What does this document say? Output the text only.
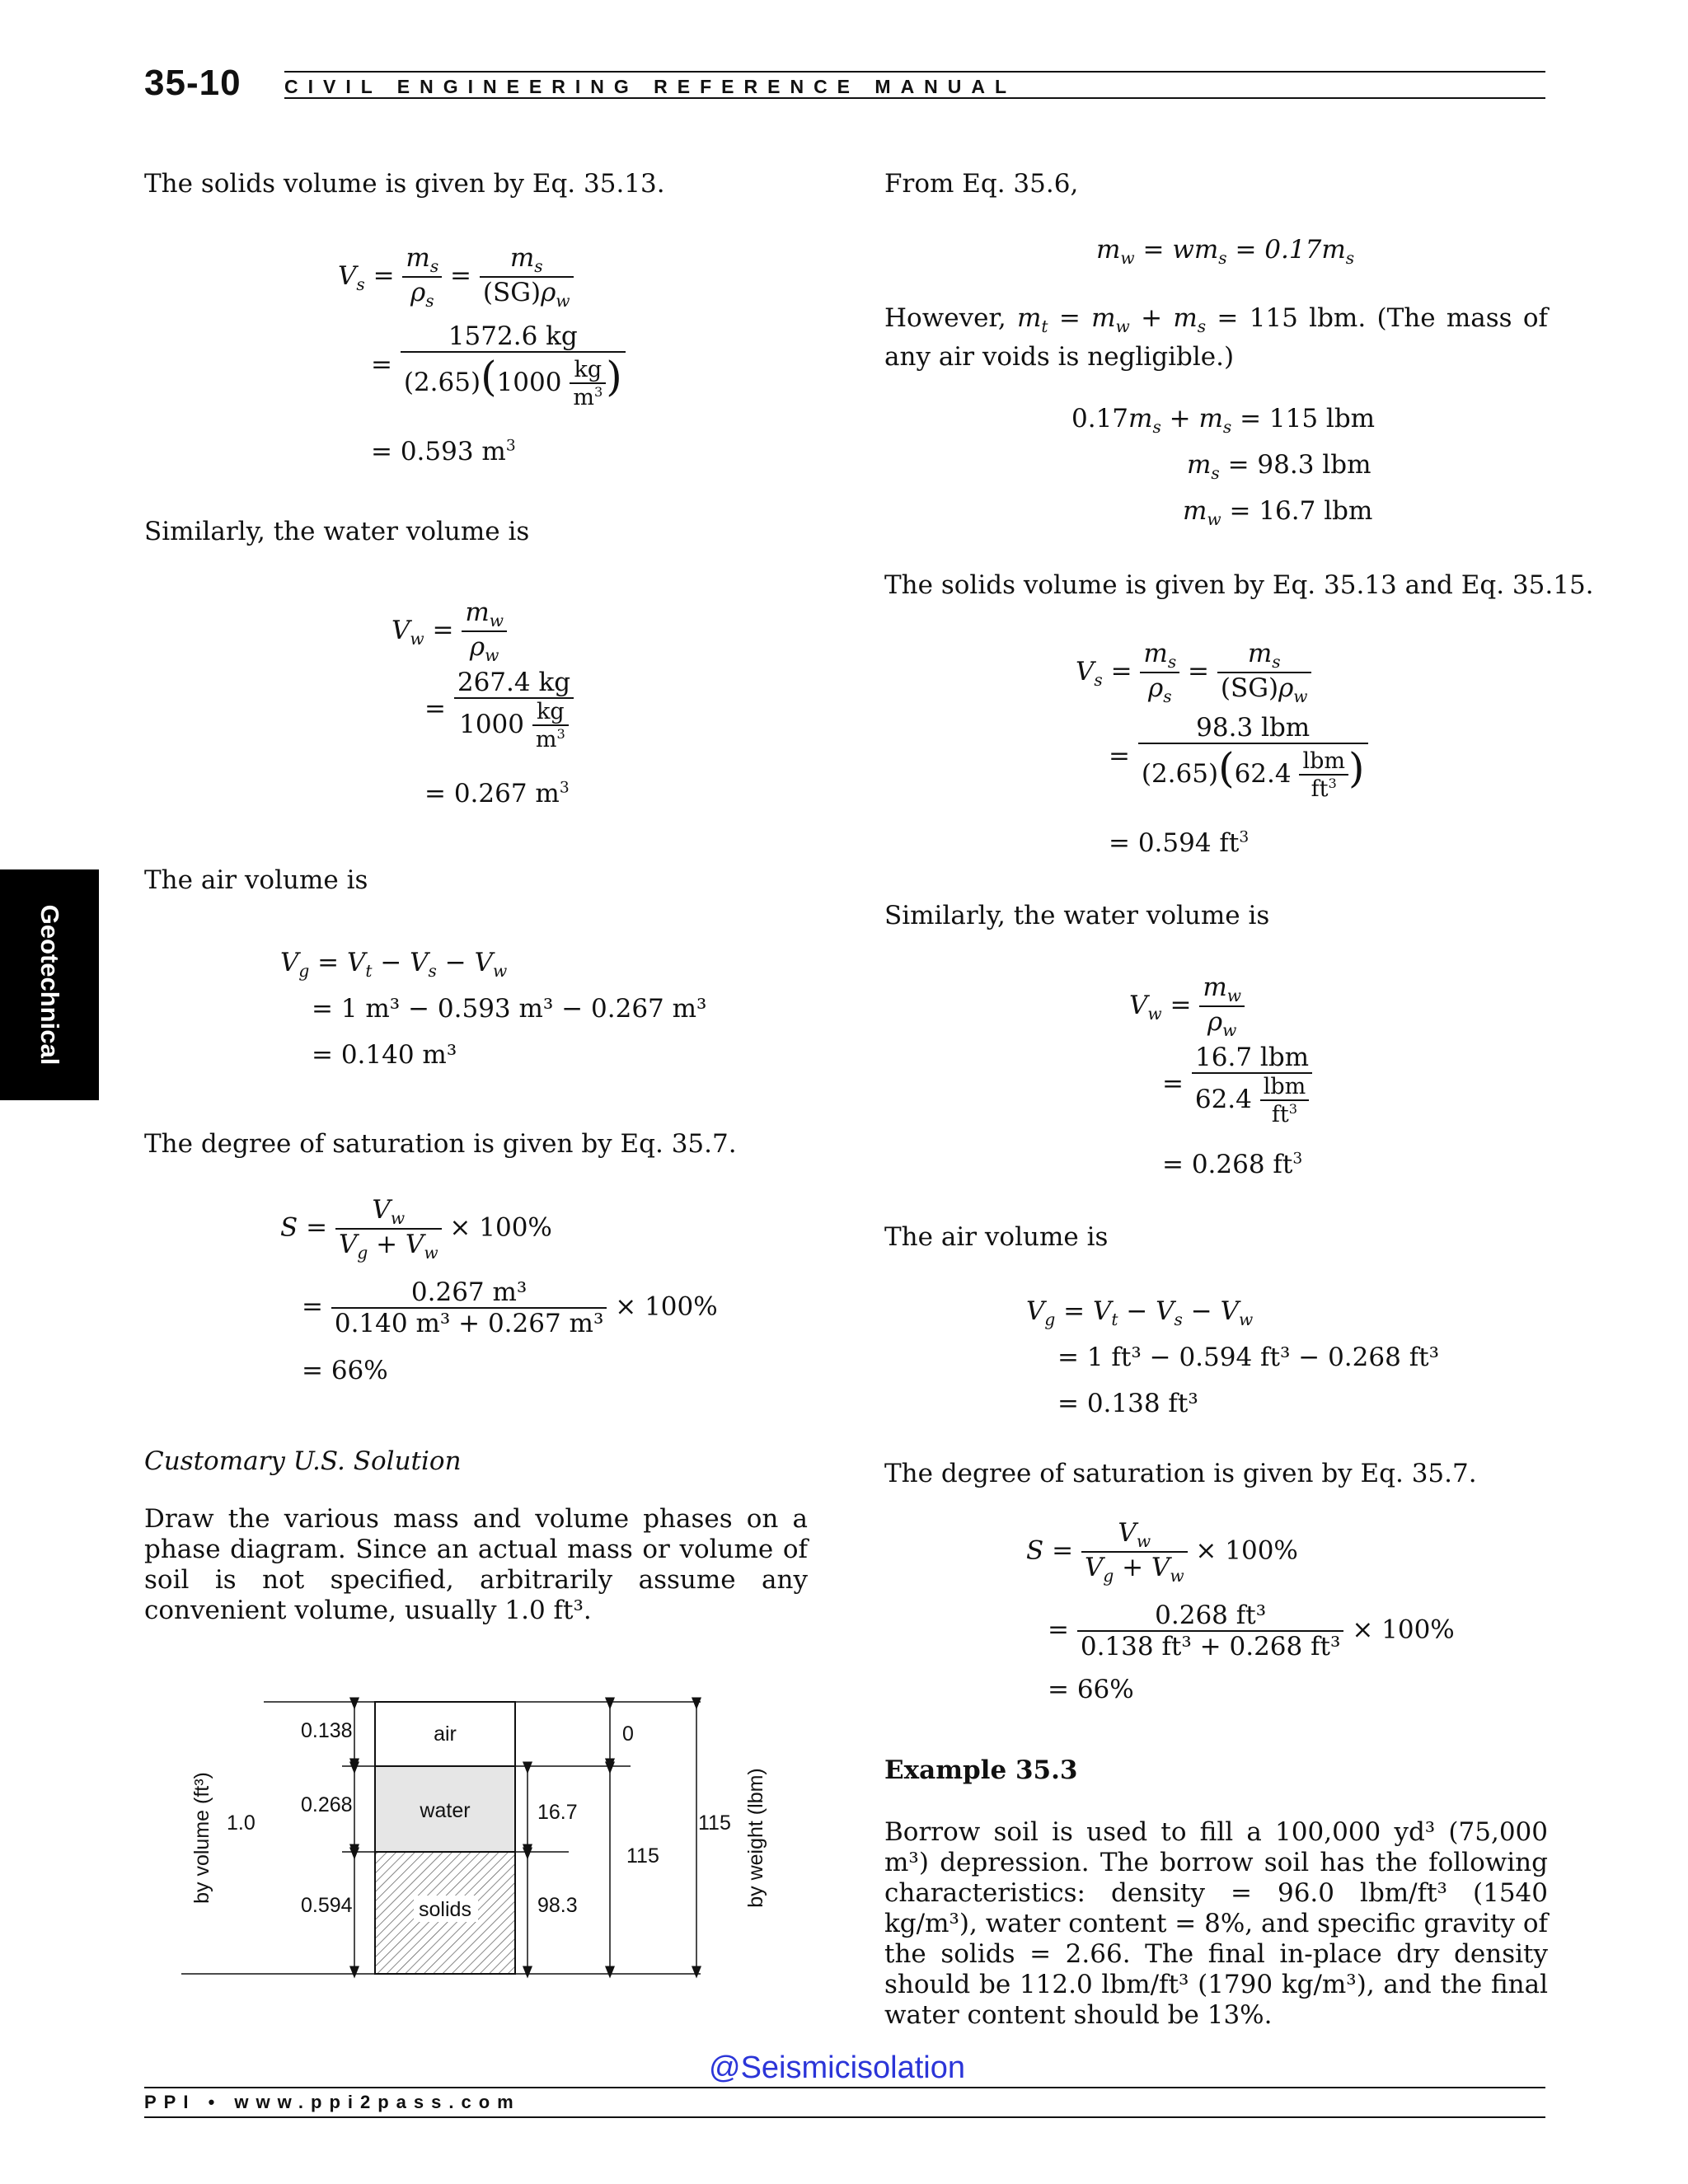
35-10 CIVIL ENGINEERING REFERENCE MANUAL
Geotechnical

The solids volume is given by Eq. 35.13.

$V_s = \frac{m_s}{\rho_s} = \frac{m_s}{(SG)\rho_w}$
= $\frac{1572.6 kg}{(2.65)(1000 \frac{kg}{m^3} )}$
= 0.593 $m^3$

Similarly, the water volume is

$V_w = \frac{m_w}{\rho_w}$
= $\frac{267.4 kg}{1000 \frac{kg}{m^3}}$
= 0.267 $m^3$

The air volume is

$V_g = V_t - V_s - V_w$
= 1 m³ − 0.593 m³ − 0.267 m³
= 0.140 m³

The degree of saturation is given by Eq. 35.7.

$S = \frac{V_w}{V_g + V_w} \times 100\%$
= $\frac{\text{0.267 m³}}{\text{0.140 m³ + 0.267 m³}} \times 100\%$
= 66%

Customary U.S. Solution

Draw the various mass and volume phases on a phase diagram. Since an actual mass or volume of soil is not specified, arbitrarily assume any convenient volume, usually 1.0 ft³.

air
water
solids
0.138
0.268
0.594
1.0
0
16.7
98.3
115
115
by volume (ft³)	by weight (lbm)

From Eq. 35.6,

$m_w = wm_s = 0.17m_s$

However, $m_t = m_w + m_s = 115$ lbm. (The mass of any air voids is negligible.)

$0.17m_s + m_s = 115$ lbm
$m_s = 98.3$ lbm
$m_w = 16.7$ lbm

The solids volume is given by Eq. 35.13 and Eq. 35.15.

$V_s = \frac{m_s}{\rho_s} = \frac{m_s}{(SG)\rho_w}$
= $\frac{\text{98.3 lbm}}{(2.65)(62.4 \frac{\text{lbm}}{ft^3} )}$
= 0.594 $ft^3$

Similarly, the water volume is

$V_w = \frac{m_w}{\rho_w}$
= $\frac{\text{16.7 lbm}}{62.4 \frac{\text{lbm}}{ft^3}}$
= 0.268 $ft^3$

The air volume is

$V_g = V_t - V_s - V_w$
= 1 ft³ − 0.594 ft³ − 0.268 ft³
= 0.138 ft³

The degree of saturation is given by Eq. 35.7.

$S = \frac{V_w}{V_g + V_w} \times 100\%$
= $\frac{\text{0.268 ft³}}{\text{0.138 ft³ + 0.268 ft³}} \times 100\%$
= 66%

Example 35.3

Borrow soil is used to fill a 100,000 yd³ (75,000 m³) depression. The borrow soil has the following characteristics: density = 96.0 lbm/ft³ (1540 kg/m³), water content = 8%, and specific gravity of the solids = 2.66. The final in-place dry density should be 112.0 lbm/ft³ (1790 kg/m³), and the final water content should be 13%.

@Seismicisolation
PPI • www.ppi2pass.com
